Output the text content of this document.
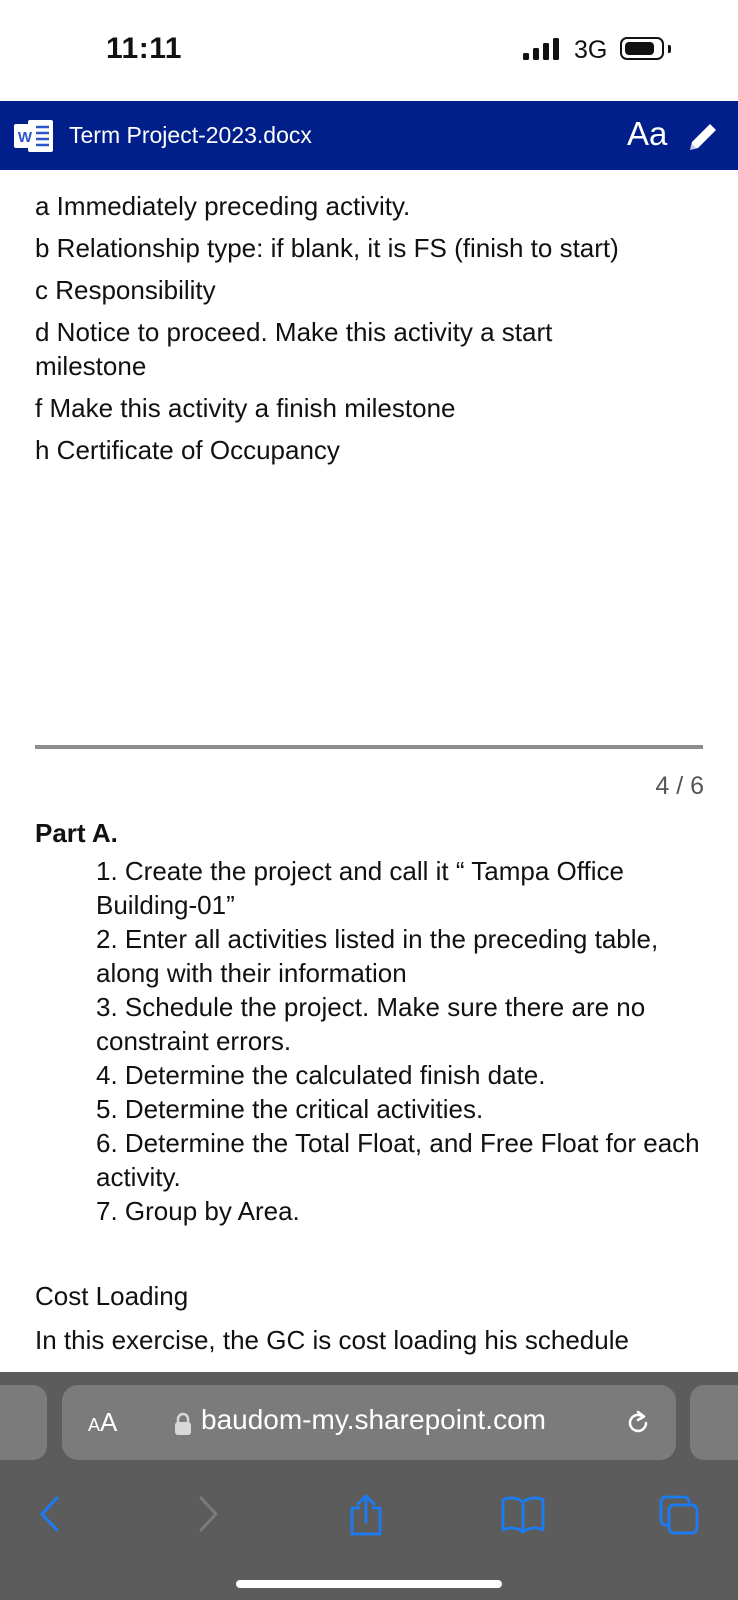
11:11	3G
W Term Project-2023.docx	Aa
a Immediately preceding activity.
b Relationship type: if blank, it is FS (finish to start)
c Responsibility
d Notice to proceed. Make this activity a start milestone
f Make this activity a finish milestone
h Certificate of Occupancy
4 / 6
Part A.
1. Create the project and call it “ Tampa Office Building-01”
2. Enter all activities listed in the preceding table, along with their information
3. Schedule the project. Make sure there are no constraint errors.
4. Determine the calculated finish date.
5. Determine the critical activities.
6. Determine the Total Float, and Free Float for each activity.
7. Group by Area.
Cost Loading
In this exercise, the GC is cost loading his schedule
AA	baudom-my.sharepoint.com
